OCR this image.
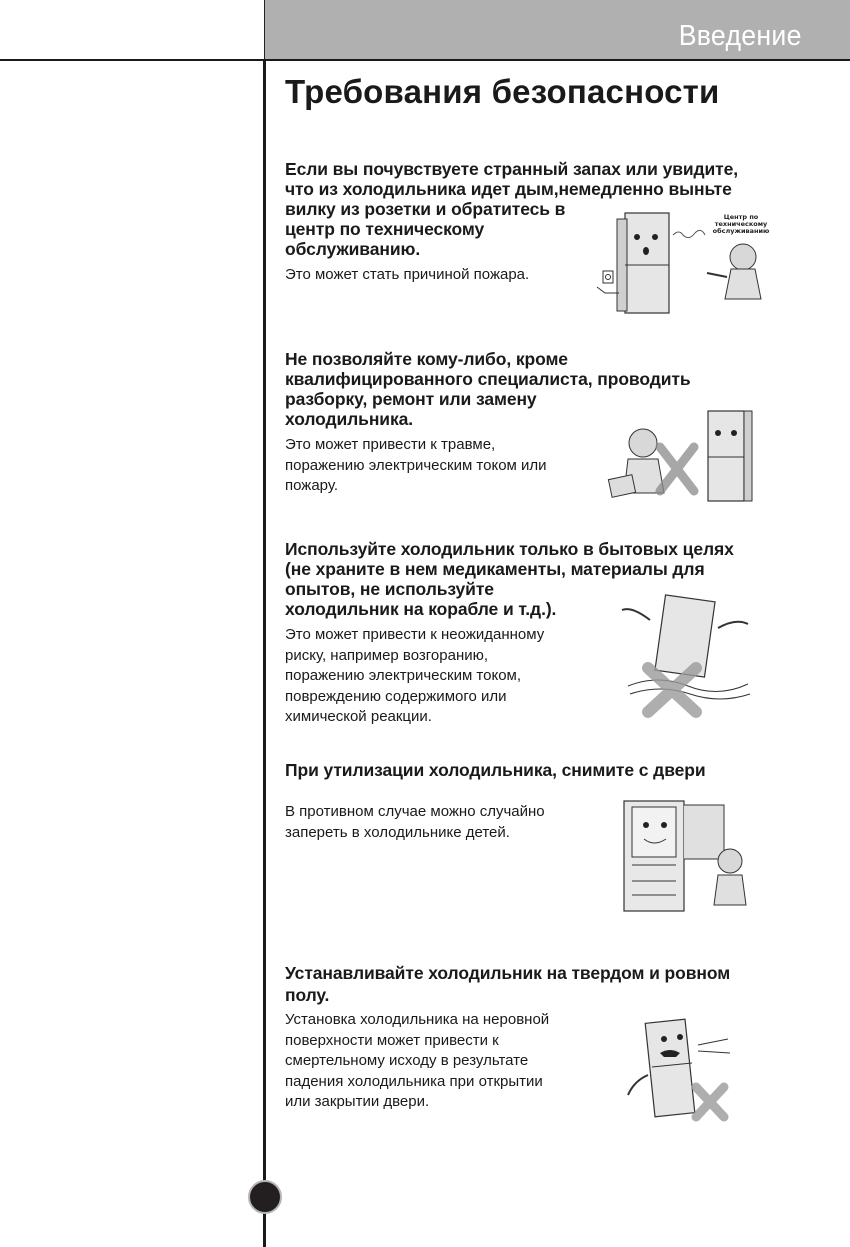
Введение
Требования безопасности
Если вы почувствуете странный запах или увидите,
что из холодильника идет дым,немедленно выньте
вилку из розетки и обратитесь в
центр по техническому
обслуживанию.
Это может стать причиной пожара.
Центр по
техническому
обслуживанию
Не позволяйте кому-либо, кроме
квалифицированного специалиста, проводить
разборку, ремонт или замену
холодильника.
Это может привести к травме,
поражению электрическим током или
пожару.
Используйте холодильник только в бытовых целях
(не храните в нем медикаменты, материалы для
опытов, не используйте
холодильник на корабле и т.д.).
Это может привести к неожиданному
риску, например возгоранию,
поражению электрическим током,
повреждению содержимого или
химической реакции.
При утилизации холодильника, снимите с двери
В противном случае можно случайно
запереть в холодильнике детей.
Устанавливайте холодильник на твердом и ровном
полу.
Установка холодильника на неровной
поверхности может привести к
смертельному исходу в результате
падения холодильника при открытии
или закрытии двери.
